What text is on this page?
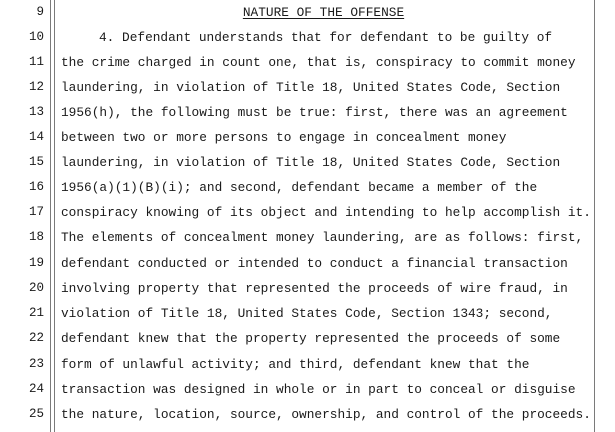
9	NATURE OF THE OFFENSE
10	4. Defendant understands that for defendant to be guilty of
11 the crime charged in count one, that is, conspiracy to commit money
12 laundering, in violation of Title 18, United States Code, Section
13 1956(h), the following must be true: first, there was an agreement
14 between two or more persons to engage in concealment money
15 laundering, in violation of Title 18, United States Code, Section
16 1956(a)(1)(B)(i); and second, defendant became a member of the
17 conspiracy knowing of its object and intending to help accomplish it.
18 The elements of concealment money laundering, are as follows: first,
19 defendant conducted or intended to conduct a financial transaction
20 involving property that represented the proceeds of wire fraud, in
21 violation of Title 18, United States Code, Section 1343; second,
22 defendant knew that the property represented the proceeds of some
23 form of unlawful activity; and third, defendant knew that the
24 transaction was designed in whole or in part to conceal or disguise
25 the nature, location, source, ownership, and control of the proceeds.
